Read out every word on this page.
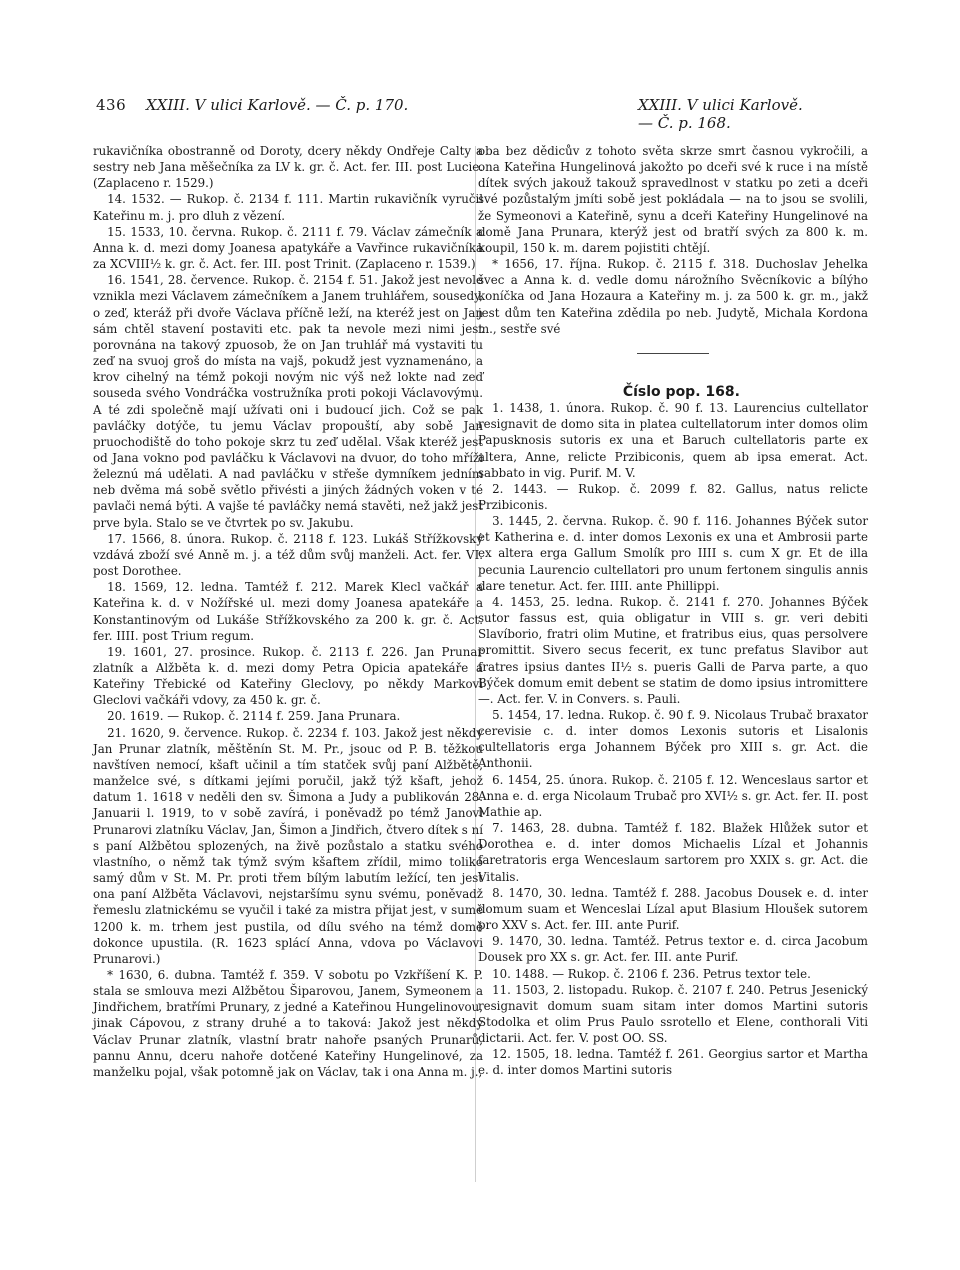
436 XXIII. V ulici Karlově. — Č. p. 170.	XXIII. V ulici Karlově. — Č. p. 168.

rukavičníka obostranně od Doroty, dcery někdy Ondřeje Calty a sestry neb Jana měšečníka za LV k. gr. č. Act. fer. III. post Lucie. (Zaplaceno r. 1529.)

14. 1532. — Rukop. č. 2134 f. 111. Martin rukavičník vyručil Kateřinu m. j. pro dluh z vězení.

15. 1533, 10. června. Rukop. č. 2111 f. 79. Václav zámečník a Anna k. d. mezi domy Joanesa apatykáře a Vavřince rukavičníka za XCVIII½ k. gr. č. Act. fer. III. post Trinit. (Zaplaceno r. 1539.)

16. 1541, 28. července. Rukop. č. 2154 f. 51. Jakož jest nevole vznikla mezi Václavem zámečníkem a Janem truhlářem, sousedy, o zeď, kteráž při dvoře Václava příčně leží, na kteréž jest on Jan sám chtěl stavení postaviti etc. pak ta nevole mezi nimi jest porovnána na takový zpuosob, že on Jan truhlář má vystaviti tu zeď na svuoj groš do místa na vajš, pokudž jest vyznamenáno, a krov cihelný na témž pokoji novým nic výš než lokte nad zeď souseda svého Vondráčka vostružníka proti pokoji Václavovýmu. A té zdi společně mají užívati oni i budoucí jich. Což se pak pavláčky dotýče, tu jemu Václav propouští, aby sobě Jan pruochodiště do toho pokoje skrz tu zeď udělal. Však kteréž jest od Jana vokno pod pavláčku k Václavovi na dvuor, do toho mříži železnú má udělati. A nad pavláčku v střeše dymníkem jedním neb dvěma má sobě světlo přivésti a jiných žádných voken v té pavlači nemá býti. A vajše té pavláčky nemá stavěti, než jakž jest prve byla. Stalo se ve čtvrtek po sv. Jakubu.

17. 1566, 8. února. Rukop. č. 2118 f. 123. Lukáš Střížkovský vzdává zboží své Anně m. j. a též dům svůj manželi. Act. fer. VI. post Dorothee.

18. 1569, 12. ledna. Tamtéž f. 212. Marek Klecl vačkář a Kateřina k. d. v Nožířské ul. mezi domy Joanesa apatekáře a Konstantinovým od Lukáše Střížkovského za 200 k. gr. č. Act. fer. IIII. post Trium regum.

19. 1601, 27. prosince. Rukop. č. 2113 f. 226. Jan Prunar zlatník a Alžběta k. d. mezi domy Petra Opicia apatekáře a Kateřiny Třebické od Kateřiny Gleclovy, po někdy Markovi Gleclovi vačkáři vdovy, za 450 k. gr. č.

20. 1619. — Rukop. č. 2114 f. 259. Jana Prunara.

21. 1620, 9. července. Rukop. č. 2234 f. 103. Jakož jest někdy Jan Prunar zlatník, měštěnín St. M. Pr., jsouc od P. B. těžkou navštíven nemocí, kšaft učinil a tím statček svůj paní Alžbětě, manželce své, s dítkami jejími poručil, jakž týž kšaft, jehož datum 1. 1618 v neděli den sv. Šimona a Judy a publikován 28. Januarii l. 1919, to v sobě zavírá, i poněvadž po témž Janovi Prunarovi zlatníku Václav, Jan, Šimon a Jindřich, čtvero dítek s ní s paní Alžbětou splozených, na živě pozůstalo a statku svého vlastního, o němž tak týmž svým kšaftem zřídil, mimo toliko samý dům v St. M. Pr. proti třem bílým labutím ležící, ten jest ona paní Alžběta Václavovi, nejstaršímu synu svému, poněvadž řemeslu zlatnickému se vyučil i také za mistra přijat jest, v sumě 1200 k. m. trhem jest pustila, od dílu svého na témž domě dokonce upustila. (R. 1623 splácí Anna, vdova po Václavovi Prunarovi.)

* 1630, 6. dubna. Tamtéž f. 359. V sobotu po Vzkříšení K. P. stala se smlouva mezi Alžbětou Šiparovou, Janem, Symeonem a Jindřichem, bratřími Prunary, z jedné a Kateřinou Hungelinovou, jinak Cápovou, z strany druhé a to taková: Jakož jest někdy Václav Prunar zlatník, vlastní bratr nahoře psaných Prunarů, pannu Annu, dceru nahoře dotčené Kateřiny Hungelinové, za manželku pojal, však potomně jak on Václav, tak i ona Anna m. j.,

oba bez dědicův z tohoto světa skrze smrt časnou vykročili, a ona Kateřina Hungelinová jakožto po dceři své k ruce i na místě dítek svých jakouž takouž spravedlnost v statku po zeti a dceři své pozůstalým jmíti sobě jest pokládala — na to jsou se svolili, že Symeonovi a Kateřině, synu a dceři Kateřiny Hungelinové na domě Jana Prunara, kterýž jest od bratří svých za 800 k. m. koupil, 150 k. m. darem pojistiti chtějí.

* 1656, 17. října. Rukop. č. 2115 f. 318. Duchoslav Jehelka švec a Anna k. d. vedle domu nárožního Svěcníkovic a bílýho koníčka od Jana Hozaura a Kateřiny m. j. za 500 k. gr. m., jakž jest dům ten Kateřina zdědila po neb. Judytě, Michala Kordona m., sestře své

Číslo pop. 168.

1. 1438, 1. února. Rukop. č. 90 f. 13. Laurencius cultellator resignavit de domo sita in platea cultellatorum inter domos olim Papusknosis sutoris ex una et Baruch cultellatoris parte ex altera, Anne, relicte Przibiconis, quem ab ipsa emerat. Act. sabbato in vig. Purif. M. V.

2. 1443. — Rukop. č. 2099 f. 82. Gallus, natus relicte Przibiconis.

3. 1445, 2. června. Rukop. č. 90 f. 116. Johannes Býček sutor et Katherina e. d. inter domos Lexonis ex una et Ambrosii parte ex altera erga Gallum Smolík pro IIII s. cum X gr. Et de illa pecunia Laurencio cultellatori pro unum fertonem singulis annis dare tenetur. Act. fer. IIII. ante Phillippi.

4. 1453, 25. ledna. Rukop. č. 2141 f. 270. Johannes Býček sutor fassus est, quia obligatur in VIII s. gr. veri debiti Slavíborio, fratri olim Mutine, et fratribus eius, quas persolvere promittit. Sivero secus fecerit, ex tunc prefatus Slavibor aut fratres ipsius dantes II½ s. pueris Galli de Parva parte, a quo Býček domum emit debent se statim de domo ipsius intromittere —. Act. fer. V. in Convers. s. Pauli.

5. 1454, 17. ledna. Rukop. č. 90 f. 9. Nicolaus Trubač braxator cerevisie c. d. inter domos Lexonis sutoris et Lisalonis cultellatoris erga Johannem Býček pro XIII s. gr. Act. die Anthonii.

6. 1454, 25. února. Rukop. č. 2105 f. 12. Wenceslaus sartor et Anna e. d. erga Nicolaum Trubač pro XVI½ s. gr. Act. fer. II. post Mathie ap.

7. 1463, 28. dubna. Tamtéž f. 182. Blažek Hlůžek sutor et Dorothea e. d. inter domos Michaelis Lízal et Johannis faretratoris erga Wenceslaum sartorem pro XXIX s. gr. Act. die Vitalis.

8. 1470, 30. ledna. Tamtéž f. 288. Jacobus Dousek e. d. inter domum suam et Wenceslai Lízal aput Blasium Hloušek sutorem pro XXV s. Act. fer. III. ante Purif.

9. 1470, 30. ledna. Tamtéž. Petrus textor e. d. circa Jacobum Dousek pro XX s. gr. Act. fer. III. ante Purif.

10. 1488. — Rukop. č. 2106 f. 236. Petrus textor tele.

11. 1503, 2. listopadu. Rukop. č. 2107 f. 240. Petrus Jesenický resignavit domum suam sitam inter domos Martini sutoris Stodolka et olim Prus Paulo ssrotello et Elene, conthorali Viti dictarii. Act. fer. V. post OO. SS.

12. 1505, 18. ledna. Tamtéž f. 261. Georgius sartor et Martha e. d. inter domos Martini sutoris
